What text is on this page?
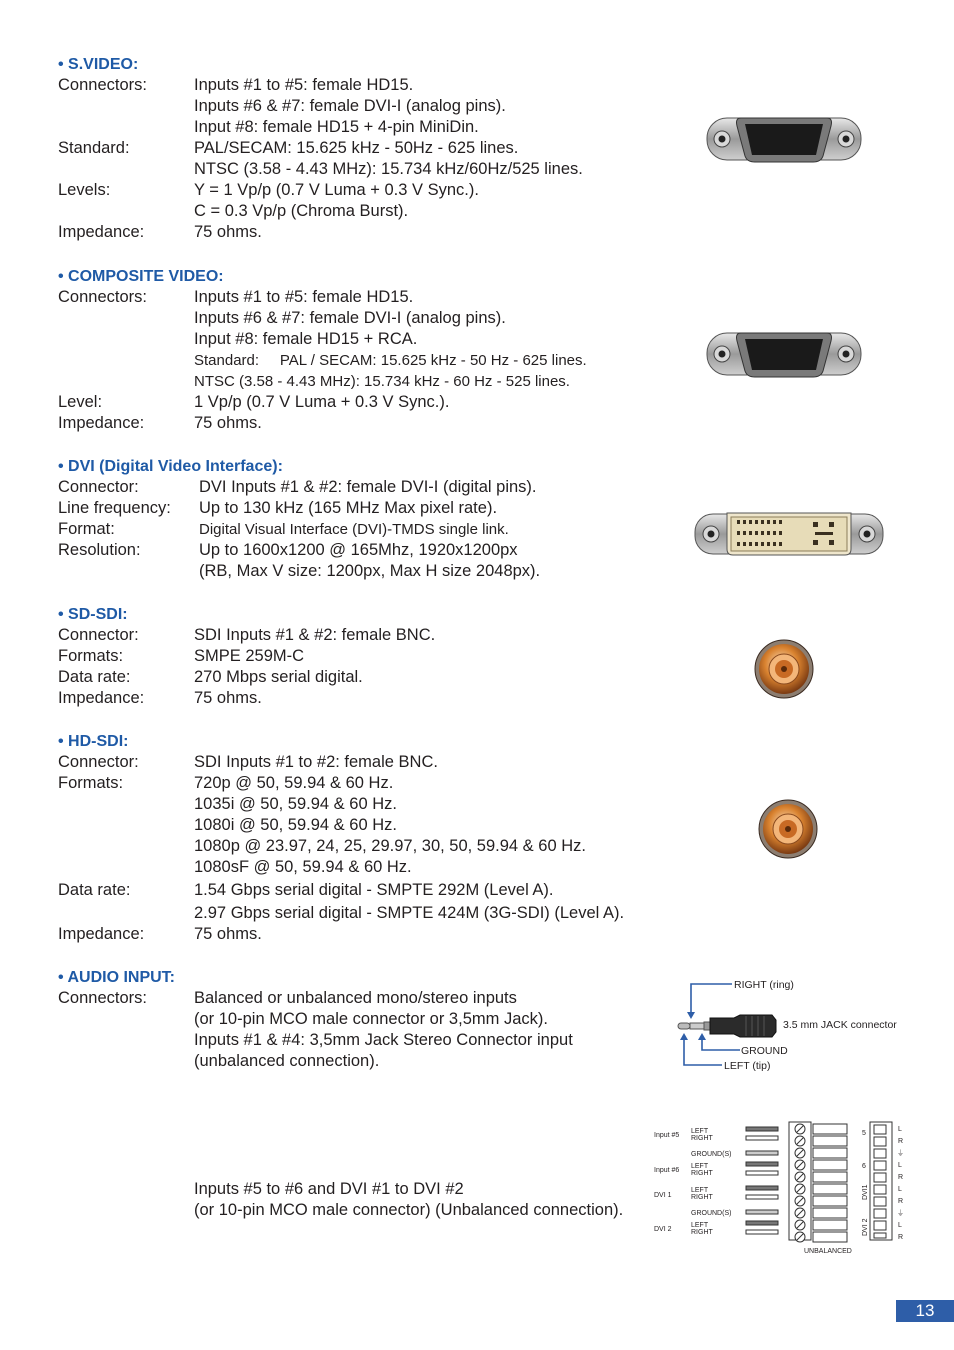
• S.VIDEO:
Connectors:	Inputs #1 to #5: female HD15.
Inputs #6 & #7: female DVI-I (analog pins).
Input #8: female HD15 + 4-pin MiniDin.
Standard:	PAL/SECAM: 15.625 kHz - 50Hz - 625 lines.
NTSC (3.58 - 4.43 MHz): 15.734 kHz/60Hz/525 lines.
Levels:	Y = 1 Vp/p (0.7 V Luma + 0.3 V Sync.).
C = 0.3 Vp/p (Chroma Burst).
Impedance:	75 ohms.
• COMPOSITE VIDEO:
Connectors:	Inputs #1 to #5: female HD15.
Inputs #6 & #7: female DVI-I (analog pins).
Input #8: female HD15 + RCA.
Standard:     PAL / SECAM: 15.625 kHz - 50 Hz - 625 lines.
NTSC (3.58 - 4.43 MHz): 15.734 kHz - 60 Hz - 525 lines.
Level:	1 Vp/p (0.7 V Luma + 0.3 V Sync.).
Impedance:	75 ohms.
• DVI (Digital Video Interface):
Connector:	DVI Inputs #1 & #2: female DVI-I (digital pins).
Line frequency: Up to 130 kHz (165 MHz Max pixel rate).
Format:	Digital Visual Interface (DVI)-TMDS single link.
Resolution:	Up to 1600x1200 @ 165Mhz, 1920x1200px
(RB, Max V size: 1200px, Max H size 2048px).
• SD-SDI:
Connector:	SDI Inputs #1 & #2: female BNC.
Formats:	SMPE 259M-C
Data rate:	270 Mbps serial digital.
Impedance:	75 ohms.
• HD-SDI:
Connector:	SDI Inputs #1 to #2: female BNC.
Formats:	720p @ 50, 59.94 & 60 Hz.
1035i @ 50, 59.94 & 60 Hz.
1080i @ 50, 59.94 & 60 Hz.
1080p @ 23.97, 24, 25, 29.97, 30, 50, 59.94 & 60 Hz.
1080sF @ 50, 59.94 & 60 Hz.
Data rate:	1.54 Gbps serial digital - SMPTE 292M (Level A).
2.97 Gbps serial digital - SMPTE 424M (3G-SDI) (Level A).
Impedance:	75 ohms.
• AUDIO INPUT:
Connectors:	Balanced or unbalanced mono/stereo inputs
(or 10-pin MCO male connector or 3,5mm Jack).
Inputs #1 & #4: 3,5mm Jack Stereo Connector input
(unbalanced connection).
Inputs #5 to #6 and DVI #1 to DVI #2
(or 10-pin MCO male connector) (Unbalanced connection).
RIGHT (ring)
3.5 mm JACK connector
GROUND
LEFT (tip)
Input #5
Input #6
DVI 1
DVI 2
LEFT
RIGHT
GROUND(S)
LEFT
RIGHT
LEFT
RIGHT
GROUND(S)
LEFT
RIGHT
5
6
DVI1
DVI 2
L
R
⏚
L
R
L
R
⏚
L
R
UNBALANCED
13
